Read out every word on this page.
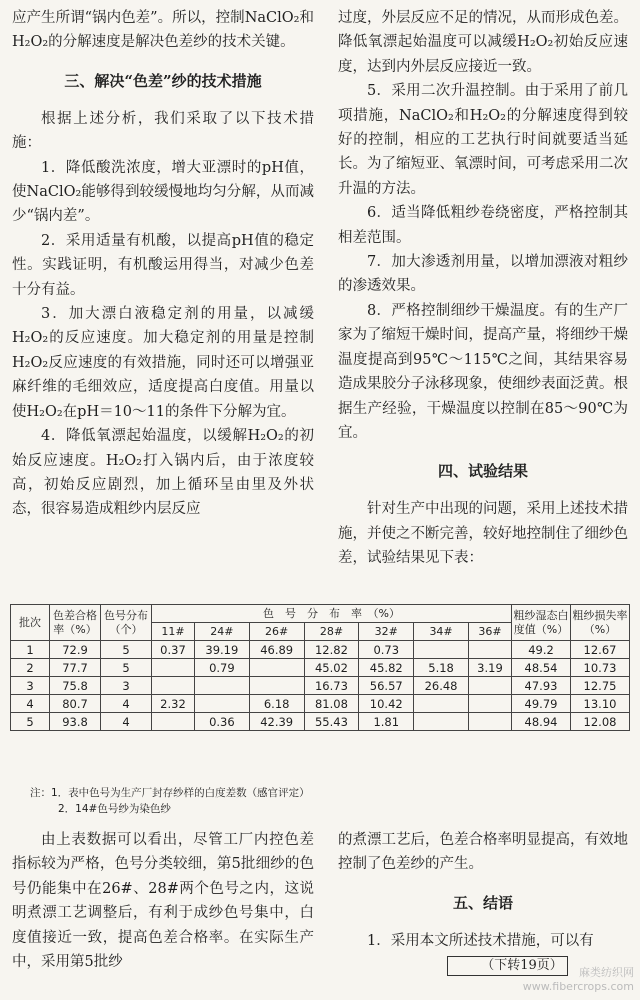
应产生所谓“锅内色差”。所以，控制NaClO₂和H₂O₂的分解速度是解决色差纱的技术关键。

三、解决“色差”纱的技术措施

根据上述分析，我们采取了以下技术措施：

1．降低酸洗浓度，增大亚漂时的pH值，使NaClO₂能够得到较缓慢地均匀分解，从而减少“锅内差”。

2．采用适量有机酸，以提高pH值的稳定性。实践证明，有机酸运用得当，对减少色差十分有益。

3．加大漂白液稳定剂的用量，以减缓H₂O₂的反应速度。加大稳定剂的用量是控制H₂O₂反应速度的有效措施，同时还可以增强亚麻纤维的毛细效应，适度提高白度值。用量以使H₂O₂在pH＝10～11的条件下分解为宜。

4．降低氧漂起始温度，以缓解H₂O₂的初始反应速度。H₂O₂打入锅内后，由于浓度较高，初始反应剧烈，加上循环呈由里及外状态，很容易造成粗纱内层反应

过度，外层反应不足的情况，从而形成色差。降低氧漂起始温度可以减缓H₂O₂初始反应速度，达到内外层反应接近一致。

5．采用二次升温控制。由于采用了前几项措施，NaClO₂和H₂O₂的分解速度得到较好的控制，相应的工艺执行时间就要适当延长。为了缩短亚、氧漂时间，可考虑采用二次升温的方法。

6．适当降低粗纱卷绕密度，严格控制其相差范围。

7．加大渗透剂用量，以增加漂液对粗纱的渗透效果。

8．严格控制细纱干燥温度。有的生产厂家为了缩短干燥时间，提高产量，将细纱干燥温度提高到95℃～115℃之间，其结果容易造成果胶分子泳移现象，使细纱表面泛黄。根据生产经验，干燥温度以控制在85～90℃为宜。

四、试验结果

针对生产中出现的问题，采用上述技术措施，并使之不断完善，较好地控制住了细纱色差，试验结果见下表：

批次	色差合格率（%）	色号分布（个）	色　号　分　布　率　（%）							粗纱湿态白度值（%）	粗纱损失率（%）
			11#	24#	26#	28#	32#	34#	36#		
1	72.9	5	0.37	39.19	46.89	12.82	0.73			49.2	12.67
2	77.7	5		0.79		45.02	45.82	5.18	3.19	48.54	10.73
3	75.8	3				16.73	56.57	26.48		47.93	12.75
4	80.7	4	2.32		6.18	81.08	10.42			49.79	13.10
5	93.8	4		0.36	42.39	55.43	1.81			48.94	12.08
注：1．表中色号为生产厂封存纱样的白度差数（感官评定）
2．14#色号纱为染色纱

由上表数据可以看出，尽管工厂内控色差指标较为严格，色号分类较细，第5批细纱的色号仍能集中在26#、28#两个色号之内，这说明煮漂工艺调整后，有利于成纱色号集中，白度值接近一致，提高色差合格率。在实际生产中，采用第5批纱

的煮漂工艺后，色差合格率明显提高，有效地控制了色差纱的产生。

五、结语

1．采用本文所述技术措施，可以有

（下转19页）	麻类纺织网
www.fibercrops.com
